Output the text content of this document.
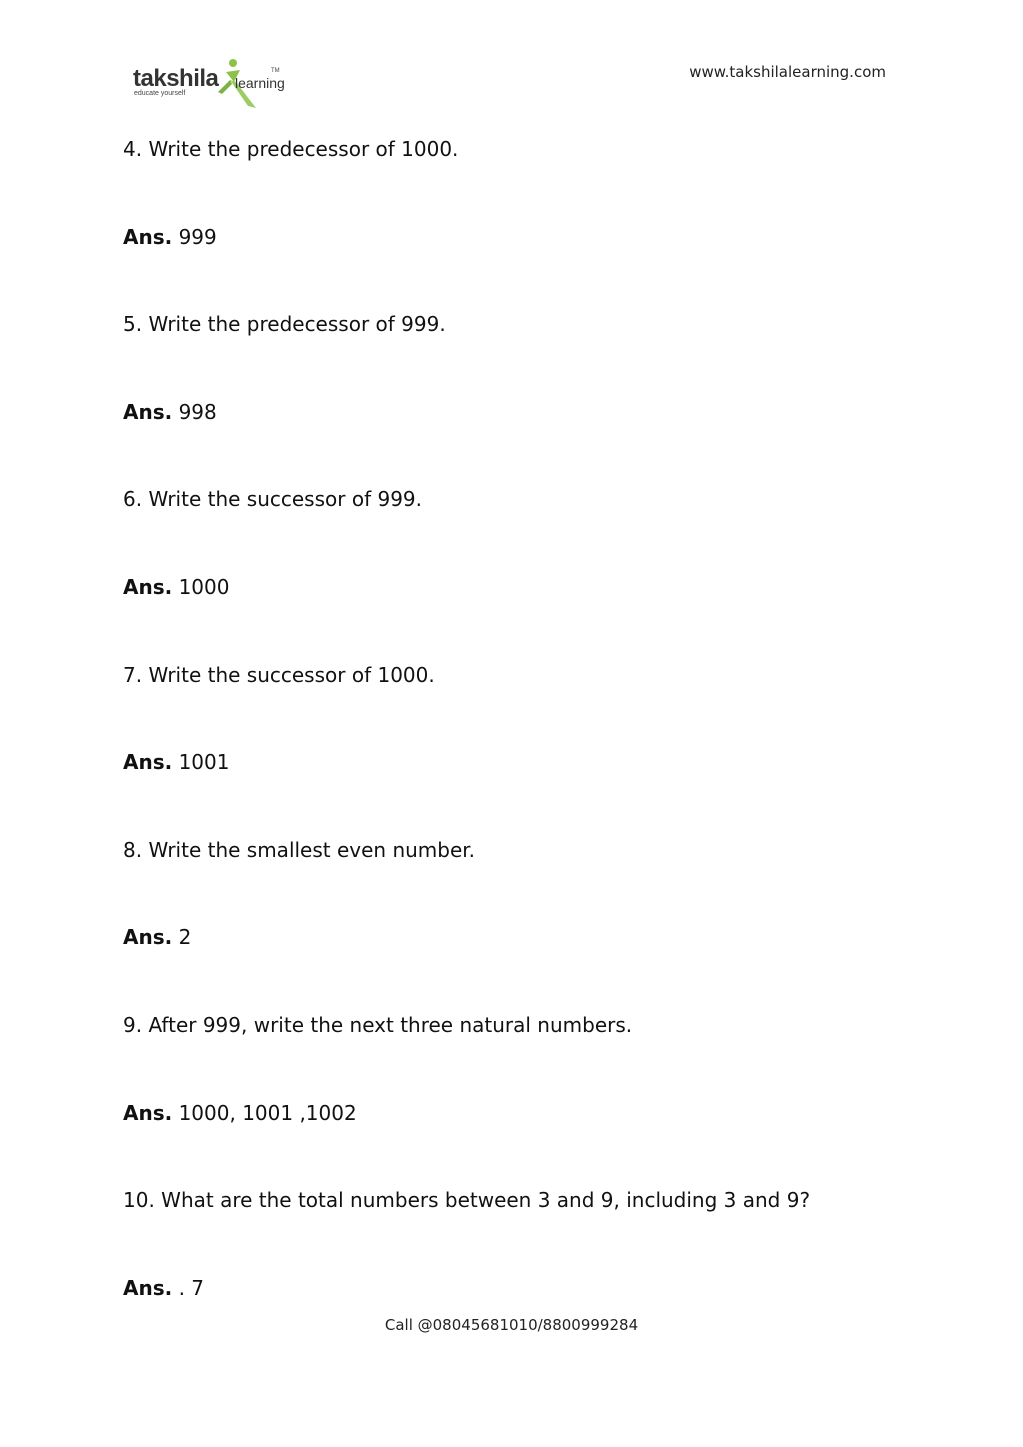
takshila learning
educate yourself
TM	www.takshilalearning.com
4. Write the predecessor of 1000.
Ans. 999
5. Write the predecessor of 999.
Ans. 998
6. Write the successor of 999.
Ans. 1000
7. Write the successor of 1000.
Ans. 1001
8. Write the smallest even number.
Ans. 2
9. After 999, write the next three natural numbers.
Ans. 1000, 1001 ,1002
10. What are the total numbers between 3 and 9, including 3 and 9?
Ans. . 7
Call @08045681010/8800999284
